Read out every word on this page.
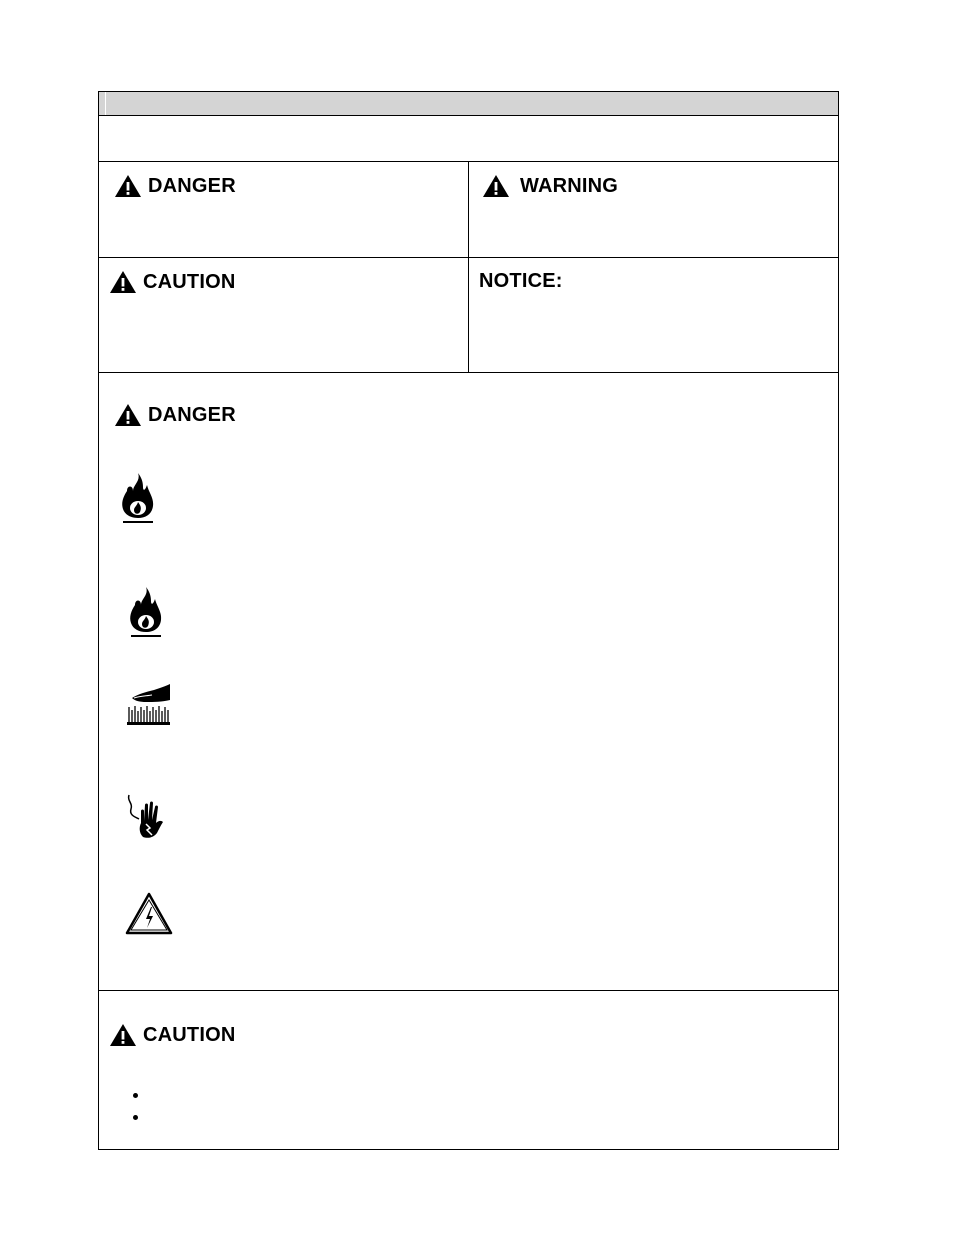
DANGER	WARNING
CAUTION	NOTICE:
DANGER
CAUTION
